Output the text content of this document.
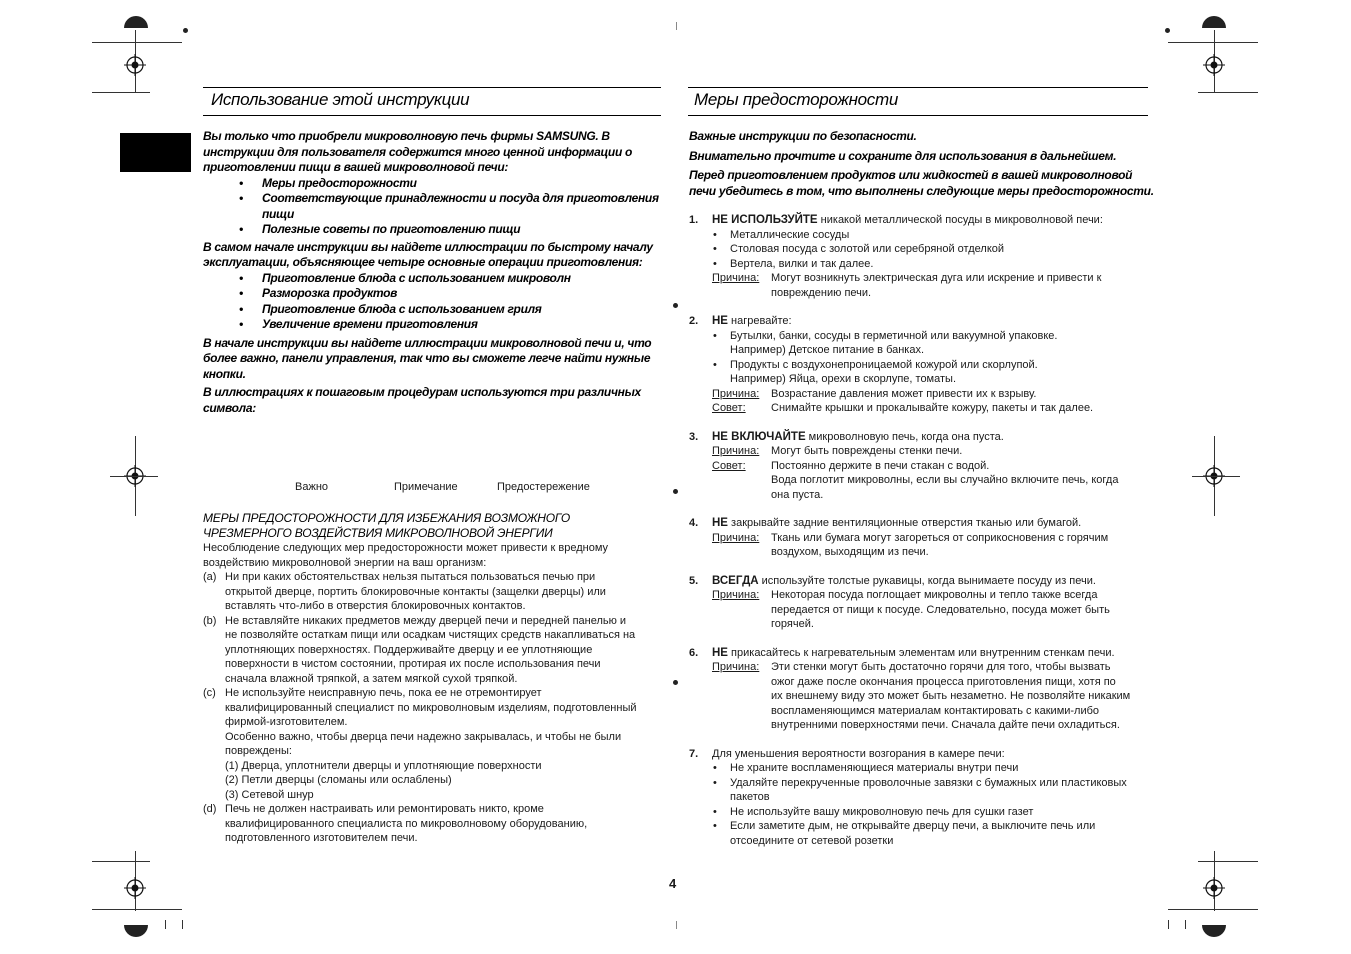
Использование этой инструкции
Вы только что приобрели микроволновую печь фирмы SAMSUNG. В
инструкции для пользователя содержится много ценной информации о
приготовлении пищи в вашей микроволновой печи:
• Меры предосторожности
• Соответствующие принадлежности и посуда для приготовления
пищи
• Полезные советы по приготовлению пищи
В самом начале инструкции вы найдете иллюстрации по быстрому началу
эксплуатации, объясняющее четыре основные операции приготовления:
• Приготовление блюда с использованием микроволн
• Разморозка продуктов
• Приготовление блюда с использованием гриля
• Увеличение времени приготовления
В начале инструкции вы найдете иллюстрации микроволновой печи и, что
более важно, панели управления, так что вы сможете легче найти нужные
кнопки.
В иллюстрациях к пошаговым процедурам используются три различных
символа:
Важно	Примечание	Предостережение
МЕРЫ ПРЕДОСТОРОЖНОСТИ ДЛЯ ИЗБЕЖАНИЯ ВОЗМОЖНОГО
ЧРЕЗМЕРНОГО ВОЗДЕЙСТВИЯ МИКРОВОЛНОВОЙ ЭНЕРГИИ
Несоблюдение следующих мер предосторожности может привести к вредному
воздействию микроволновой энергии на ваш организм:
(a) Ни при каких обстоятельствах нельзя пытаться пользоваться печью при
открытой дверце, портить блокировочные контакты (защелки дверцы) или
вставлять что-либо в отверстия блокировочных контактов.
(b) Не вставляйте никаких предметов между дверцей печи и передней панелью и
не позволяйте остаткам пищи или осадкам чистящих средств накапливаться на
уплотняющих поверхностях. Поддерживайте дверцу и ее уплотняющие
поверхности в чистом состоянии, протирая их после использования печи
сначала влажной тряпкой, а затем мягкой сухой тряпкой.
(c) Не используйте неисправную печь, пока ее не отремонтирует
квалифицированный специалист по микроволновым изделиям, подготовленный
фирмой-изготовителем.
Особенно важно, чтобы дверца печи надежно закрывалась, и чтобы не были
повреждены:
(1) Дверца, уплотнители дверцы и уплотняющие поверхности
(2) Петли дверцы (сломаны или ослаблены)
(3) Сетевой шнур
(d) Печь не должен настраивать или ремонтировать никто, кроме
квалифицированного специалиста по микроволновому оборудованию,
подготовленного изготовителем печи.
Меры предосторожности
Важные инструкции по безопасности.
Внимательно прочтите и сохраните для использования в дальнейшем.
Перед приготовлением продуктов или жидкостей в вашей микроволновой
печи убедитесь в том, что выполнены следующие меры предосторожности.
1. НЕ ИСПОЛЬЗУЙТЕ никакой металлической посуды в микроволновой печи:
• Металлические сосуды
• Столовая посуда с золотой или серебряной отделкой
• Вертела, вилки и так далее.
Причина:	Могут возникнуть электрическая дуга или искрение и привести к
повреждению печи.
2. НЕ нагревайте:
• Бутылки, банки, сосуды в герметичной или вакуумной упаковке.
Например) Детское питание в банках.
• Продукты с воздухонепроницаемой кожурой или скорлупой.
Например) Яйца, орехи в скорлупе, томаты.
Причина:	Возрастание давления может привести их к взрыву.
Совет:	Снимайте крышки и прокалывайте кожуру, пакеты и так далее.
3. НЕ ВКЛЮЧАЙТЕ микроволновую печь, когда она пуста.
Причина:	Могут быть повреждены стенки печи.
Совет:	Постоянно держите в печи стакан с водой.
Вода поглотит микроволны, если вы случайно включите печь, когда
она пуста.
4. НЕ закрывайте задние вентиляционные отверстия тканью или бумагой.
Причина:	Ткань или бумага могут загореться от соприкосновения с горячим
воздухом, выходящим из печи.
5. ВСЕГДА используйте толстые рукавицы, когда вынимаете посуду из печи.
Причина:	Некоторая посуда поглощает микроволны и тепло также всегда
передается от пищи к посуде. Следовательно, посуда может быть
горячей.
6. НЕ прикасайтесь к нагревательным элементам или внутренним стенкам печи.
Причина:	Эти стенки могут быть достаточно горячи для того, чтобы вызвать
ожог даже после окончания процесса приготовления пищи, хотя по
их внешнему виду это может быть незаметно. Не позволяйте никаким
воспламеняющимся материалам контактировать с какими-либо
внутренними поверхностями печи. Сначала дайте печи охладиться.
7. Для уменьшения вероятности возгорания в камере печи:
• Не храните воспламеняющиеся материалы внутри печи
• Удаляйте перекрученные проволочные завязки с бумажных или пластиковых
пакетов
• Не используйте вашу микроволновую печь для сушки газет
• Если заметите дым, не открывайте дверцу печи, а выключите печь или
отсоедините от сетевой розетки
4
